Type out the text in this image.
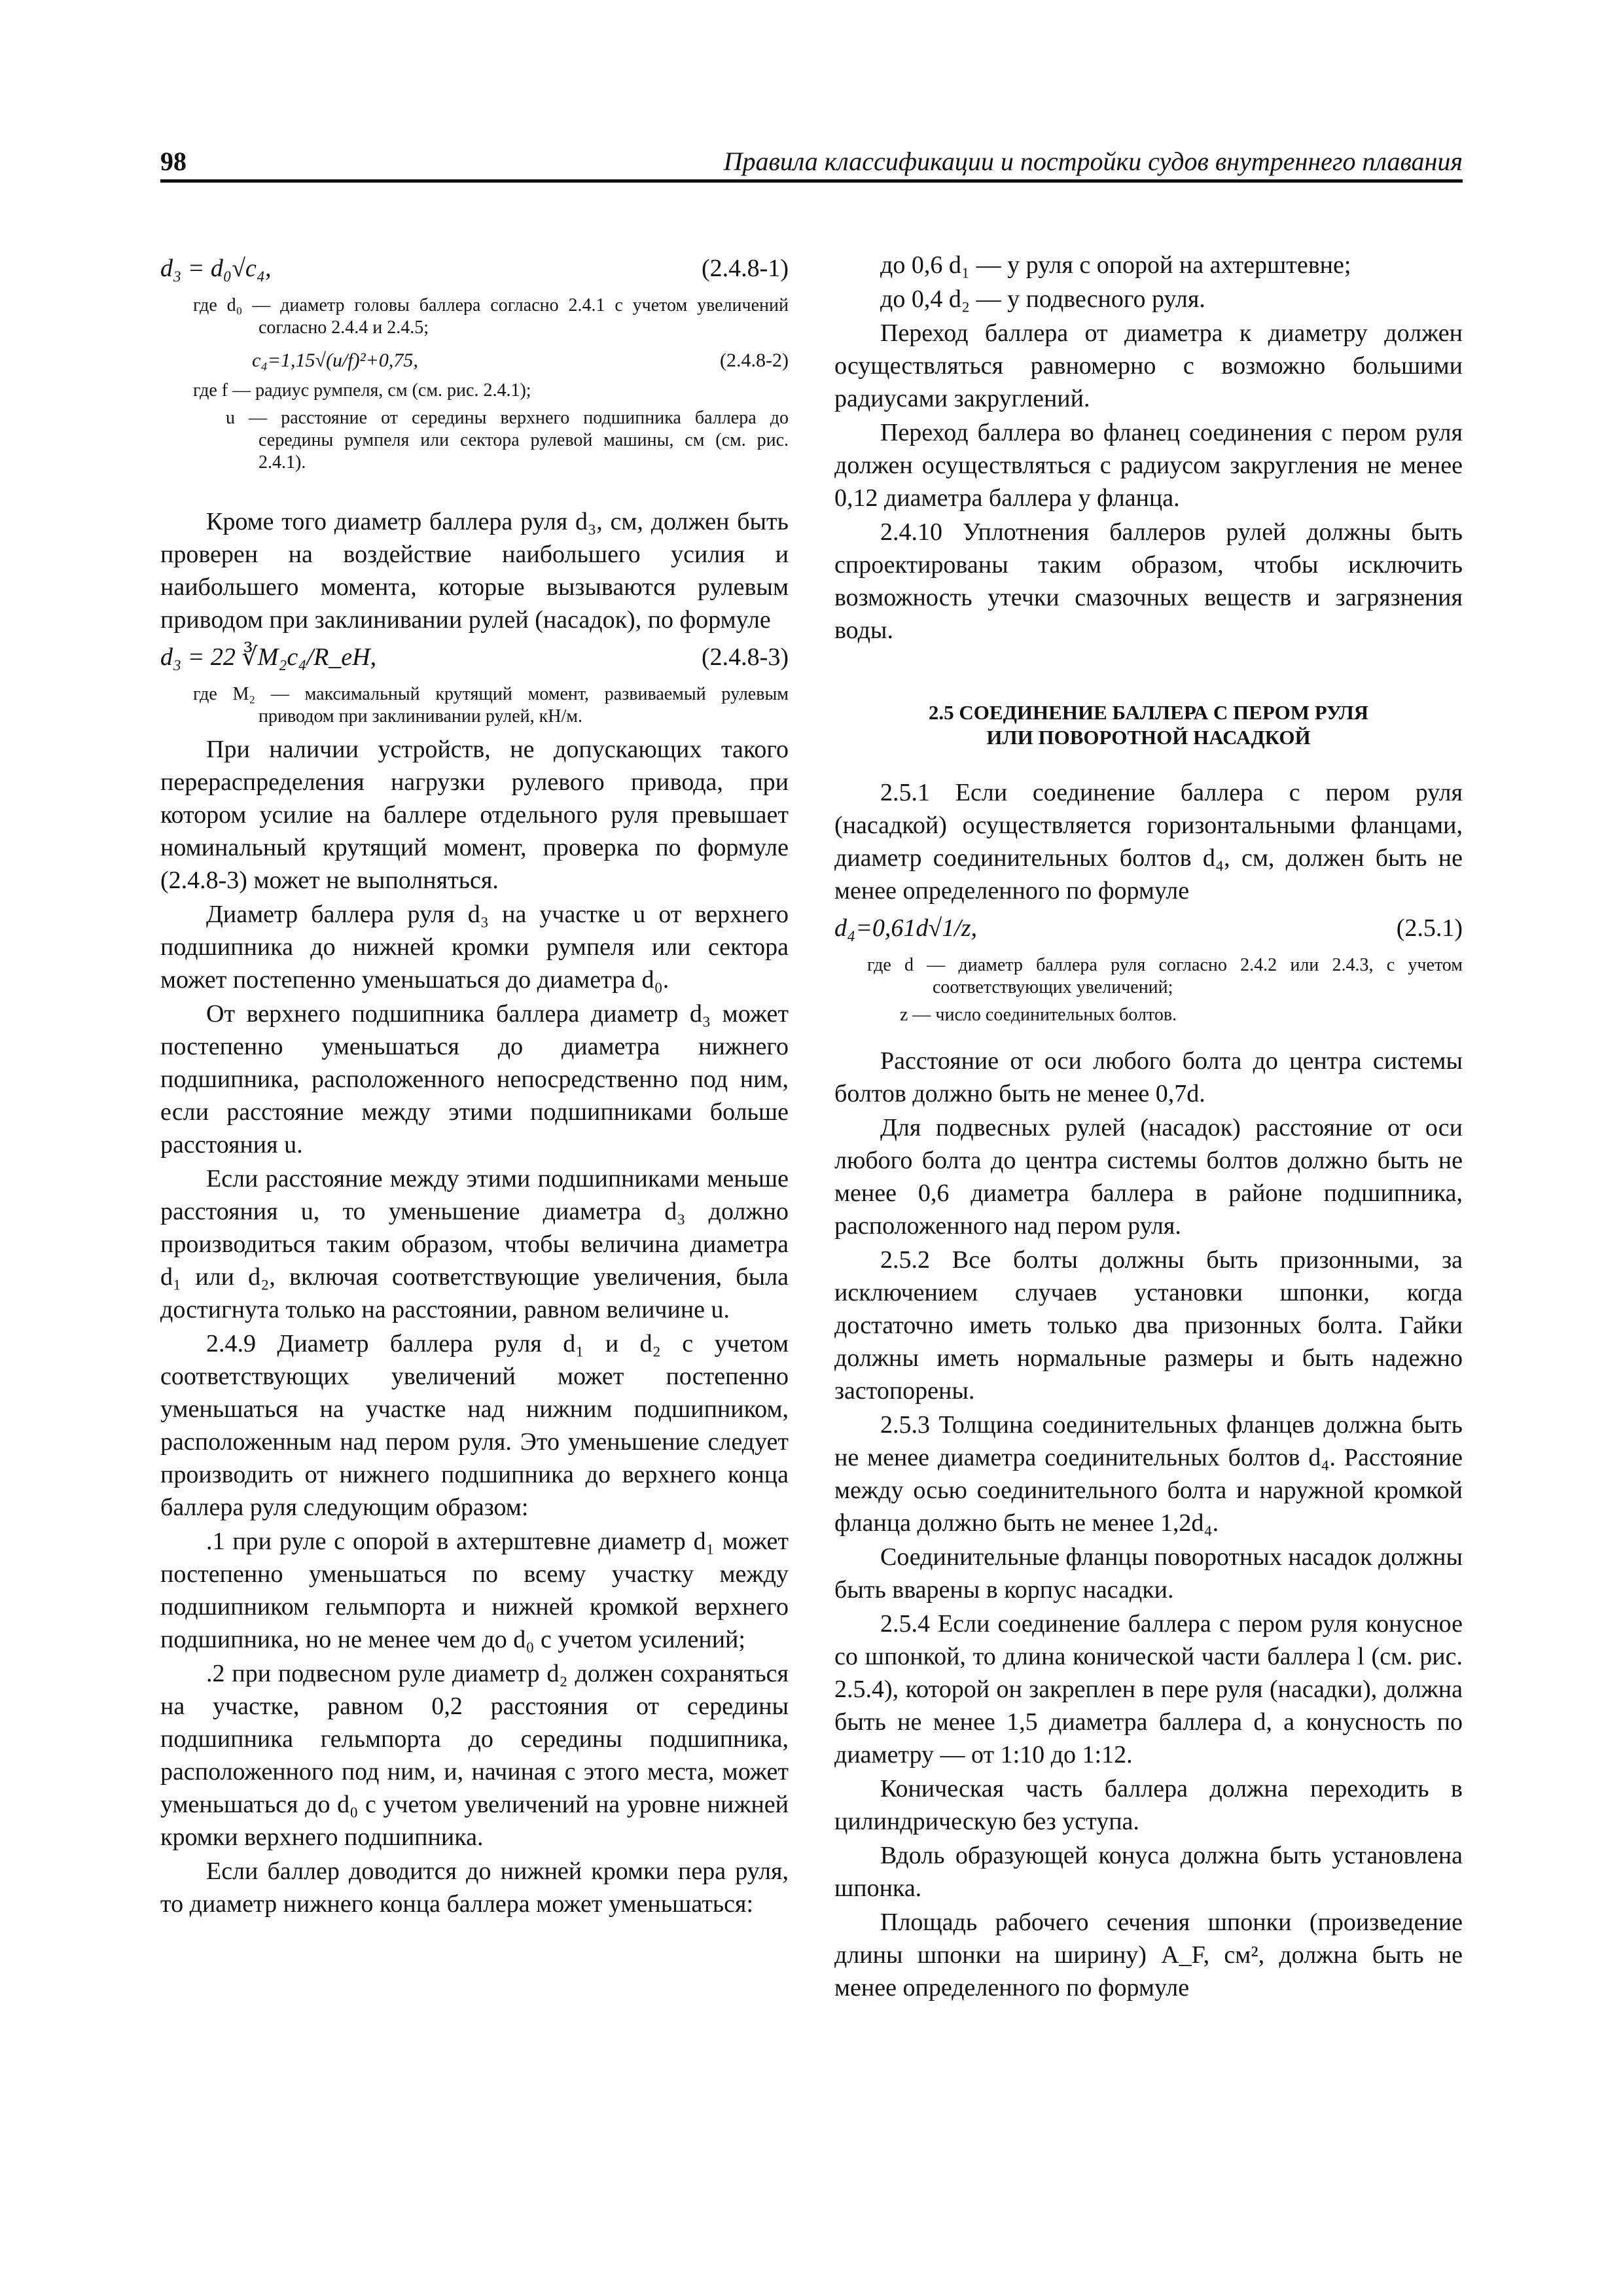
98	Правила классификации и постройки судов внутреннего плавания
d₃ = d₀√c₄,	(2.4.8-1)

где d₀ — диаметр головы баллера согласно 2.4.1 с учетом увеличений согласно 2.4.4 и 2.4.5;

c₄=1,15√(u/f)²+0,75,	(2.4.8-2)

где f — радиус румпеля, см (см. рис. 2.4.1);

u — расстояние от середины верхнего подшипника баллера до середины румпеля или сектора рулевой машины, см (см. рис. 2.4.1).

Кроме того диаметр баллера руля d₃, см, должен быть проверен на воздействие наибольшего усилия и наибольшего момента, которые вызываются рулевым приводом при заклинивании рулей (насадок), по формуле

d₃ = 22 ∛M₂c₄/R_eH,	(2.4.8-3)

где M₂ — максимальный крутящий момент, развиваемый рулевым приводом при заклинивании рулей, кН/м.

При наличии устройств, не допускающих такого перераспределения нагрузки рулевого привода, при котором усилие на баллере отдельного руля превышает номинальный крутящий момент, проверка по формуле (2.4.8-3) может не выполняться.

Диаметр баллера руля d₃ на участке u от верхнего подшипника до нижней кромки румпеля или сектора может постепенно уменьшаться до диаметра d₀.

От верхнего подшипника баллера диаметр d₃ может постепенно уменьшаться до диаметра нижнего подшипника, расположенного непосредственно под ним, если расстояние между этими подшипниками больше расстояния u.

Если расстояние между этими подшипниками меньше расстояния u, то уменьшение диаметра d₃ должно производиться таким образом, чтобы величина диаметра d₁ или d₂, включая соответствующие увеличения, была достигнута только на расстоянии, равном величине u.

2.4.9 Диаметр баллера руля d₁ и d₂ с учетом соответствующих увеличений может постепенно уменьшаться на участке над нижним подшипником, расположенным над пером руля. Это уменьшение следует производить от нижнего подшипника до верхнего конца баллера руля следующим образом:

.1 при руле с опорой в ахтерштевне диаметр d₁ может постепенно уменьшаться по всему участку между подшипником гельмпорта и нижней кромкой верхнего подшипника, но не менее чем до d₀ с учетом усилений;

.2 при подвесном руле диаметр d₂ должен сохраняться на участке, равном 0,2 расстояния от середины подшипника гельмпорта до середины подшипника, расположенного под ним, и, начиная с этого места, может уменьшаться до d₀ с учетом увеличений на уровне нижней кромки верхнего подшипника.

Если баллер доводится до нижней кромки пера руля, то диаметр нижнего конца баллера может уменьшаться:

до 0,6 d₁ — у руля с опорой на ахтерштевне;

до 0,4 d₂ — у подвесного руля.

Переход баллера от диаметра к диаметру должен осуществляться равномерно с возможно большими радиусами закруглений.

Переход баллера во фланец соединения с пером руля должен осуществляться с радиусом закругления не менее 0,12 диаметра баллера у фланца.

2.4.10 Уплотнения баллеров рулей должны быть спроектированы таким образом, чтобы исключить возможность утечки смазочных веществ и загрязнения воды.

2.5 СОЕДИНЕНИЕ БАЛЛЕРА С ПЕРОМ РУЛЯ

ИЛИ ПОВОРОТНОЙ НАСАДКОЙ

2.5.1 Если соединение баллера с пером руля (насадкой) осуществляется горизонтальными фланцами, диаметр соединительных болтов d₄, см, должен быть не менее определенного по формуле

d₄=0,61d√1/z,	(2.5.1)

где d — диаметр баллера руля согласно 2.4.2 или 2.4.3, с учетом соответствующих увеличений;

z — число соединительных болтов.

Расстояние от оси любого болта до центра системы болтов должно быть не менее 0,7d.

Для подвесных рулей (насадок) расстояние от оси любого болта до центра системы болтов должно быть не менее 0,6 диаметра баллера в районе подшипника, расположенного над пером руля.

2.5.2 Все болты должны быть призонными, за исключением случаев установки шпонки, когда достаточно иметь только два призонных болта. Гайки должны иметь нормальные размеры и быть надежно застопорены.

2.5.3 Толщина соединительных фланцев должна быть не менее диаметра соединительных болтов d₄. Расстояние между осью соединительного болта и наружной кромкой фланца должно быть не менее 1,2d₄.

Соединительные фланцы поворотных насадок должны быть вварены в корпус насадки.

2.5.4 Если соединение баллера с пером руля конусное со шпонкой, то длина конической части баллера l (см. рис. 2.5.4), которой он закреплен в пере руля (насадки), должна быть не менее 1,5 диаметра баллера d, а конусность по диаметру — от 1:10 до 1:12.

Коническая часть баллера должна переходить в цилиндрическую без уступа.

Вдоль образующей конуса должна быть установлена шпонка.

Площадь рабочего сечения шпонки (произведение длины шпонки на ширину) A_F, см², должна быть не менее определенного по формуле
